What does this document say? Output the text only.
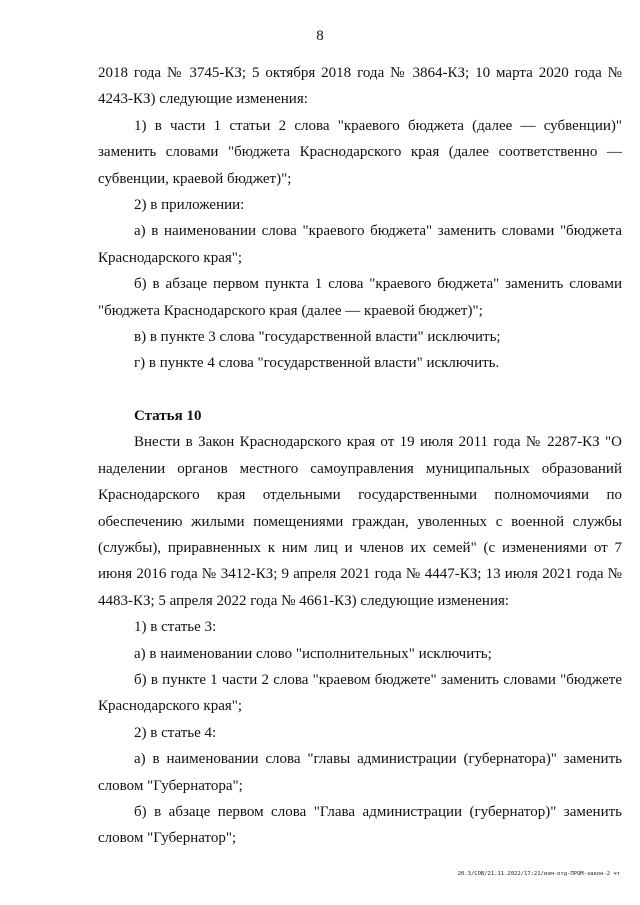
8

2018 года № 3745-КЗ; 5 октября 2018 года № 3864-КЗ; 10 марта 2020 года № 4243-КЗ) следующие изменения:

1) в части 1 статьи 2 слова "краевого бюджета (далее — субвенции)" заменить словами "бюджета Краснодарского края (далее соответственно — субвенции, краевой бюджет)";

2) в приложении:

а) в наименовании слова "краевого бюджета" заменить словами "бюджета Краснодарского края";

б) в абзаце первом пункта 1 слова "краевого бюджета" заменить словами "бюджета Краснодарского края (далее — краевой бюджет)";

в) в пункте 3 слова "государственной власти" исключить;

г) в пункте 4 слова "государственной власти" исключить.

Статья 10

Внести в Закон Краснодарского края от 19 июля 2011 года № 2287-КЗ "О наделении органов местного самоуправления муниципальных образований Краснодарского края отдельными государственными полномочиями по обеспечению жилыми помещениями граждан, уволенных с военной службы (службы), приравненных к ним лиц и членов их семей" (с изменениями от 7 июня 2016 года № 3412-КЗ; 9 апреля 2021 года № 4447-КЗ; 13 июля 2021 года № 4483-КЗ; 5 апреля 2022 года № 4661-КЗ) следующие изменения:

1) в статье 3:

а) в наименовании слово "исполнительных" исключить;

б) в пункте 1 части 2 слова "краевом бюджете" заменить словами "бюджете Краснодарского края";

2) в статье 4:

а) в наименовании слова "главы администрации (губернатора)" заменить словом "Губернатора";

б) в абзаце первом слова "Глава администрации (губернатор)" заменить словом "Губернатор";

20.3/СОВ/21.11.2022/17:21/изм-отд-ПРОМ-закон-2 чт
